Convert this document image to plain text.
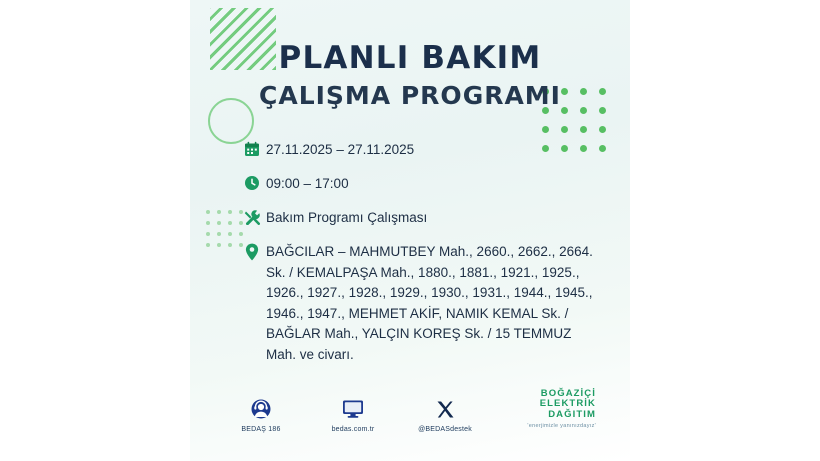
PLANLI BAKIM
ÇALIŞMA PROGRAMI
27.11.2025 – 27.11.2025
09:00 – 17:00
Bakım Programı Çalışması
BAĞCILAR – MAHMUTBEY Mah., 2660., 2662., 2664. Sk. / KEMALPAŞA Mah., 1880., 1881., 1921., 1925., 1926., 1927., 1928., 1929., 1930., 1931., 1944., 1945., 1946., 1947., MEHMET AKİF, NAMIK KEMAL Sk. / BAĞLAR Mah., YALÇIN KOREŞ Sk. / 15 TEMMUZ Mah. ve civarı.
BEDAŞ 186	bedas.com.tr	@BEDASdestek
BOĞAZİÇİ
ELEKTRİK
DAĞITIM
'enerjimizle yanınızdayız'
